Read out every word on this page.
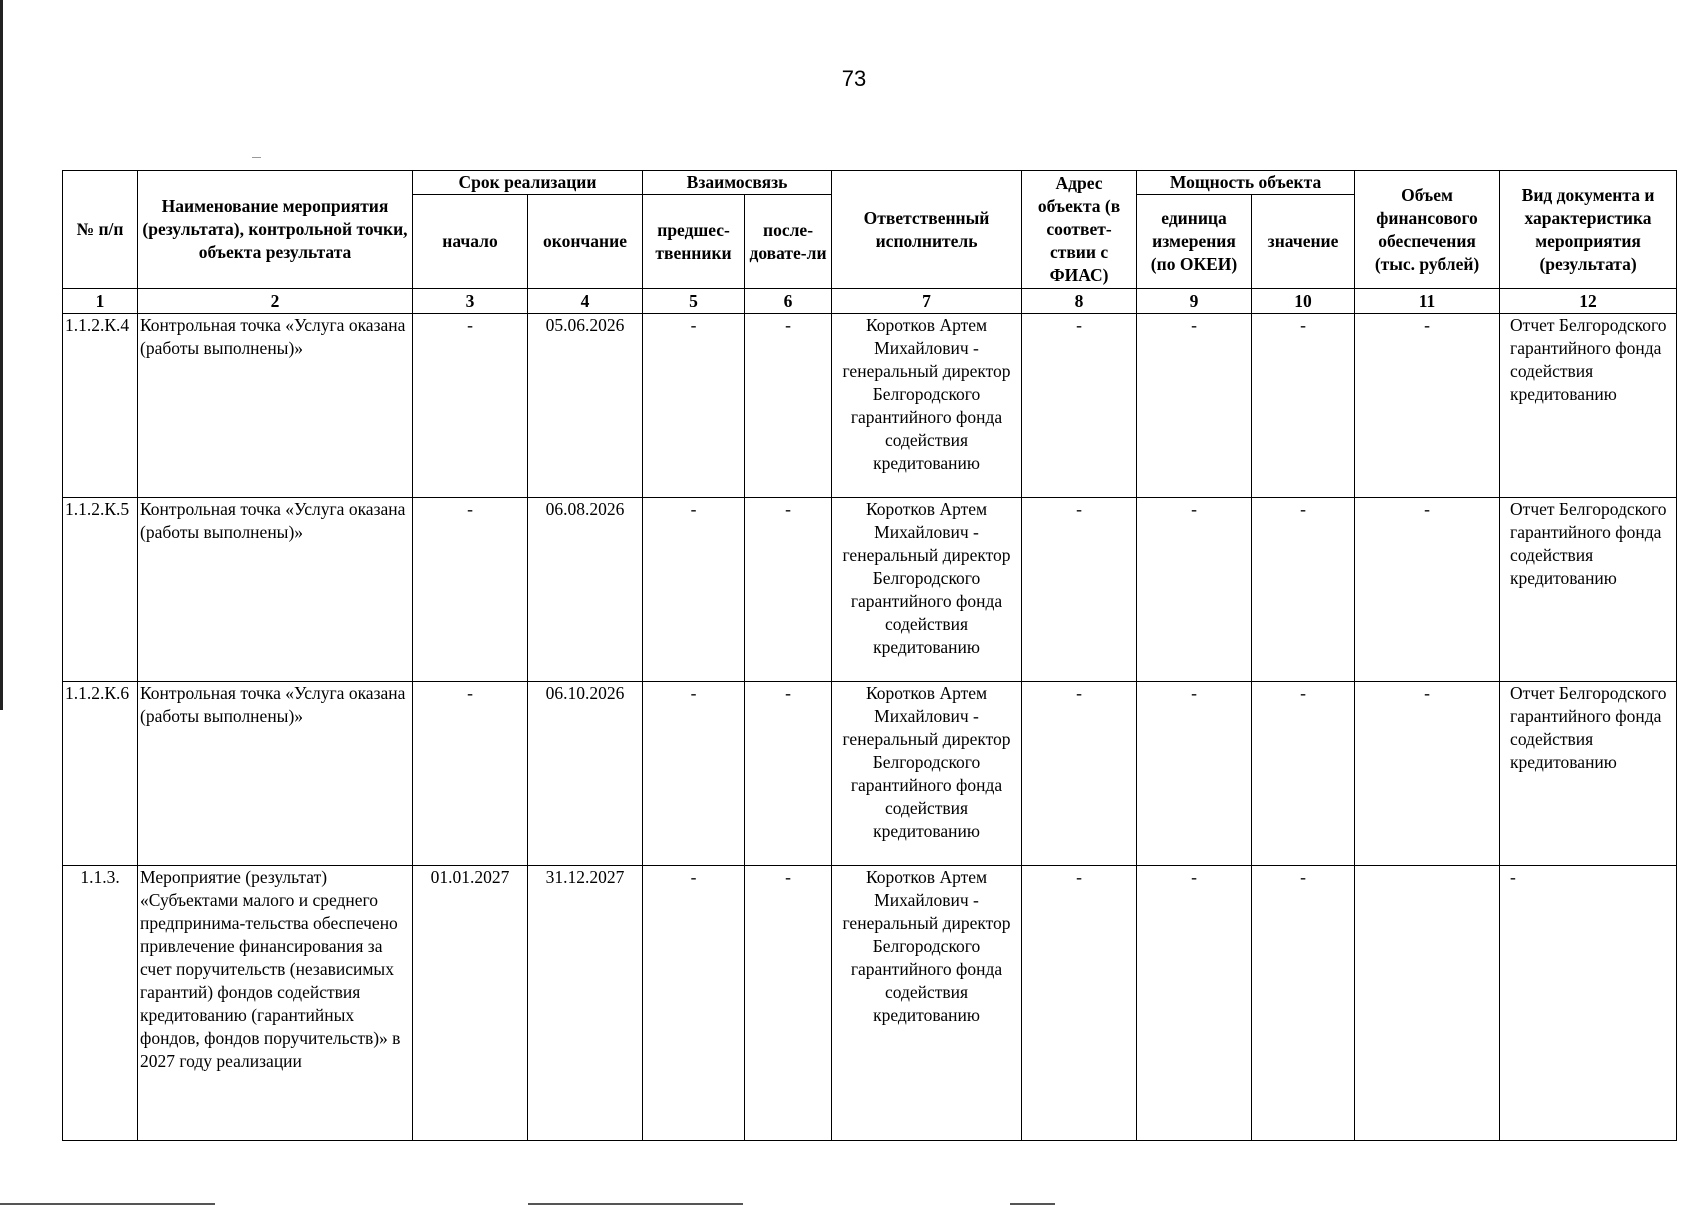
73
№ п/п	Наименование мероприятия (результата), контрольной точки, объекта результата	Срок реализации		Взаимосвязь		Ответственный исполнитель	Адрес объекта (в соответ-ствии с ФИАС)	Мощность объекта		Объем финансового обеспечения (тыс. рублей)	Вид документа и характеристика мероприятия (результата)
		начало	окончание	предшес-твенники	после-довате-ли			единица измерения (по ОКЕИ)	значение		
1	2	3	4	5	6	7	8	9	10	11	12
1.1.2.К.4	Контрольная точка «Услуга оказана (работы выполнены)»	-	05.06.2026	-	-	Коротков Артем Михайлович - генеральный директор Белгородского гарантийного фонда содействия кредитованию	-	-	-	-	Отчет Белгородского гарантийного фонда содействия кредитованию
1.1.2.К.5	Контрольная точка «Услуга оказана (работы выполнены)»	-	06.08.2026	-	-	Коротков Артем Михайлович - генеральный директор Белгородского гарантийного фонда содействия кредитованию	-	-	-	-	Отчет Белгородского гарантийного фонда содействия кредитованию
1.1.2.К.6	Контрольная точка «Услуга оказана (работы выполнены)»	-	06.10.2026	-	-	Коротков Артем Михайлович - генеральный директор Белгородского гарантийного фонда содействия кредитованию	-	-	-	-	Отчет Белгородского гарантийного фонда содействия кредитованию
1.1.3.	Мероприятие (результат) «Субъектами малого и среднего предпринима-тельства обеспечено привлечение финансирования за счет поручительств (независимых гарантий) фондов содействия кредитованию (гарантийных фондов, фондов поручительств)» в 2027 году реализации	01.01.2027	31.12.2027	-	-	Коротков Артем Михайлович - генеральный директор Белгородского гарантийного фонда содействия кредитованию	-	-	-		-
